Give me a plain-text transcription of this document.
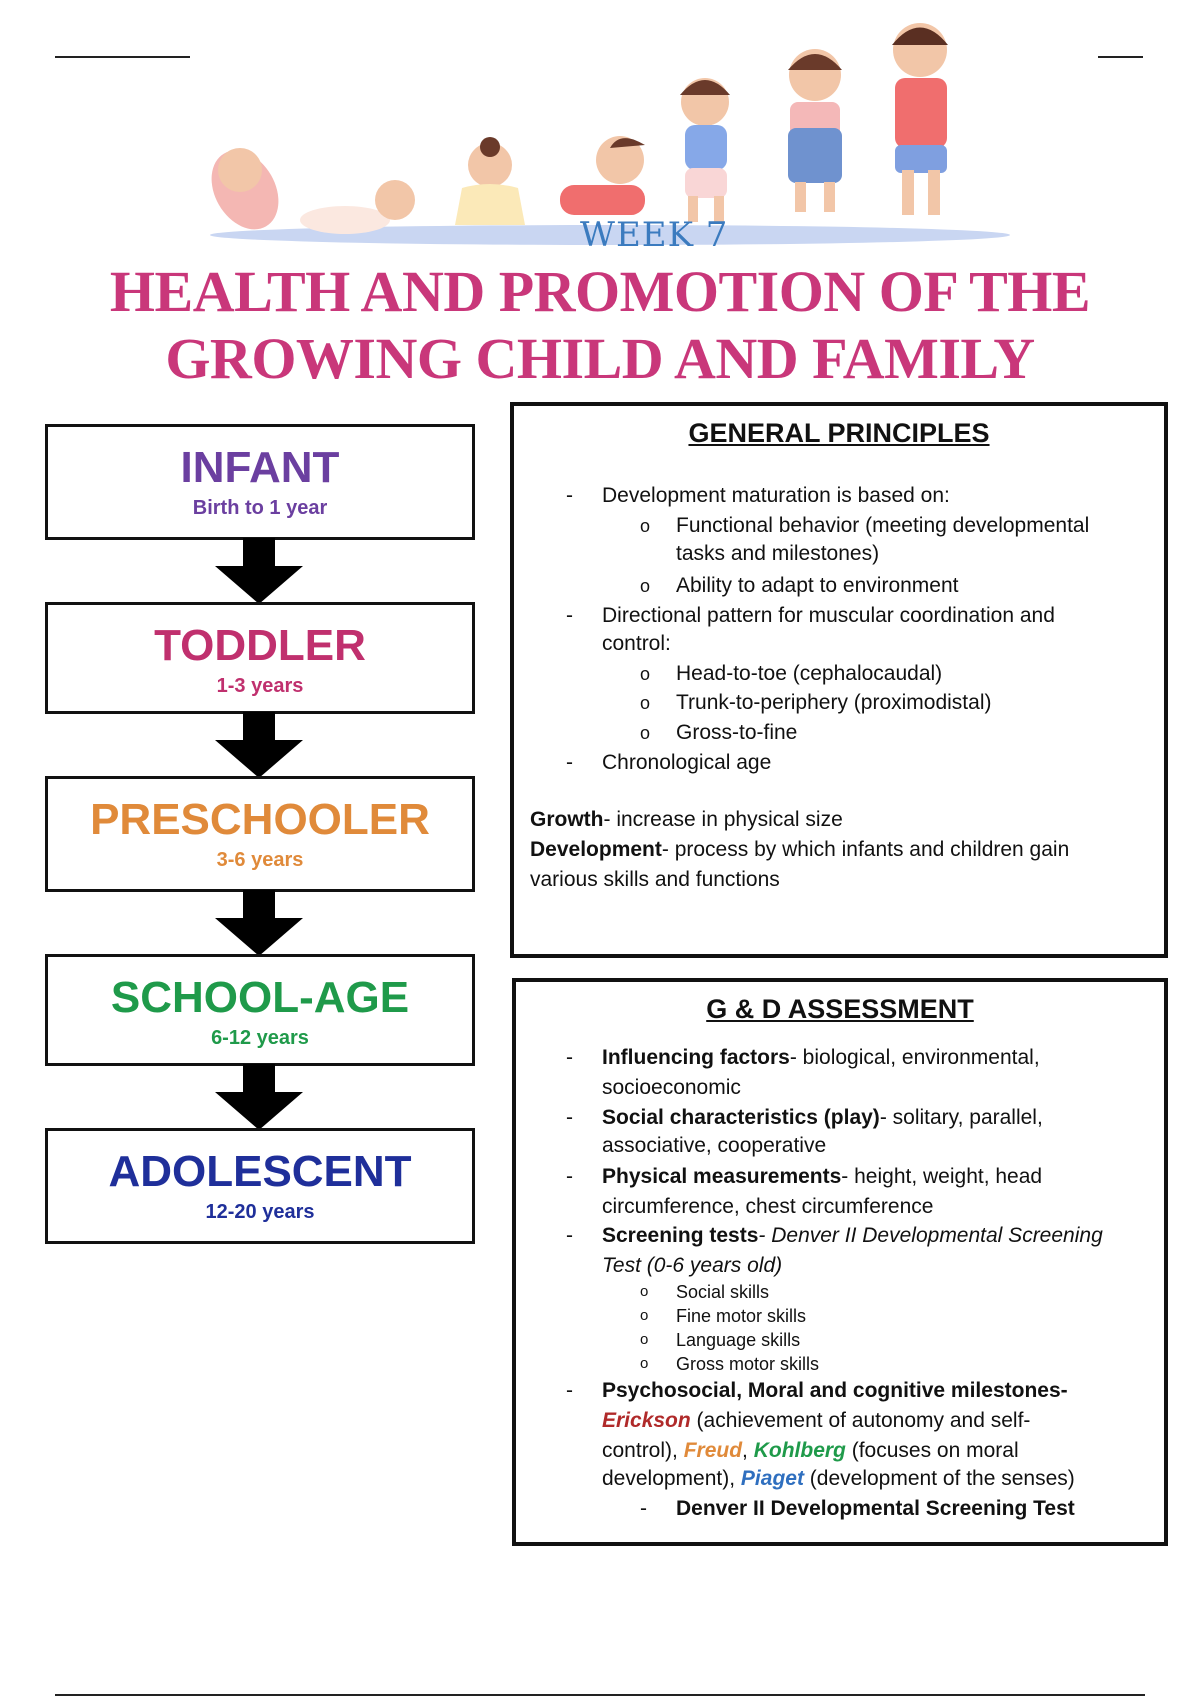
WEEK 7
HEALTH AND PROMOTION OF THE
GROWING CHILD AND FAMILY
INFANT
Birth to 1 year
TODDLER
1-3 years
PRESCHOOLER
3-6 years
SCHOOL-AGE
6-12 years
ADOLESCENT
12-20 years
GENERAL PRINCIPLES
- Development maturation is based on:
o Functional behavior (meeting developmental
tasks and milestones)
o Ability to adapt to environment
- Directional pattern for muscular coordination and
control:
o Head-to-toe (cephalocaudal)
o Trunk-to-periphery (proximodistal)
o Gross-to-fine
- Chronological age
Growth- increase in physical size
Development- process by which infants and children gain
various skills and functions
G & D ASSESSMENT
- Influencing factors- biological, environmental,
socioeconomic
- Social characteristics (play)- solitary, parallel,
associative, cooperative
- Physical measurements- height, weight, head
circumference, chest circumference
- Screening tests- Denver II Developmental Screening
Test (0-6 years old)
o Social skills
o Fine motor skills
o Language skills
o Gross motor skills
- Psychosocial, Moral and cognitive milestones-
Erickson (achievement of autonomy and self-
control), Freud, Kohlberg (focuses on moral
development), Piaget (development of the senses)
- Denver II Developmental Screening Test
